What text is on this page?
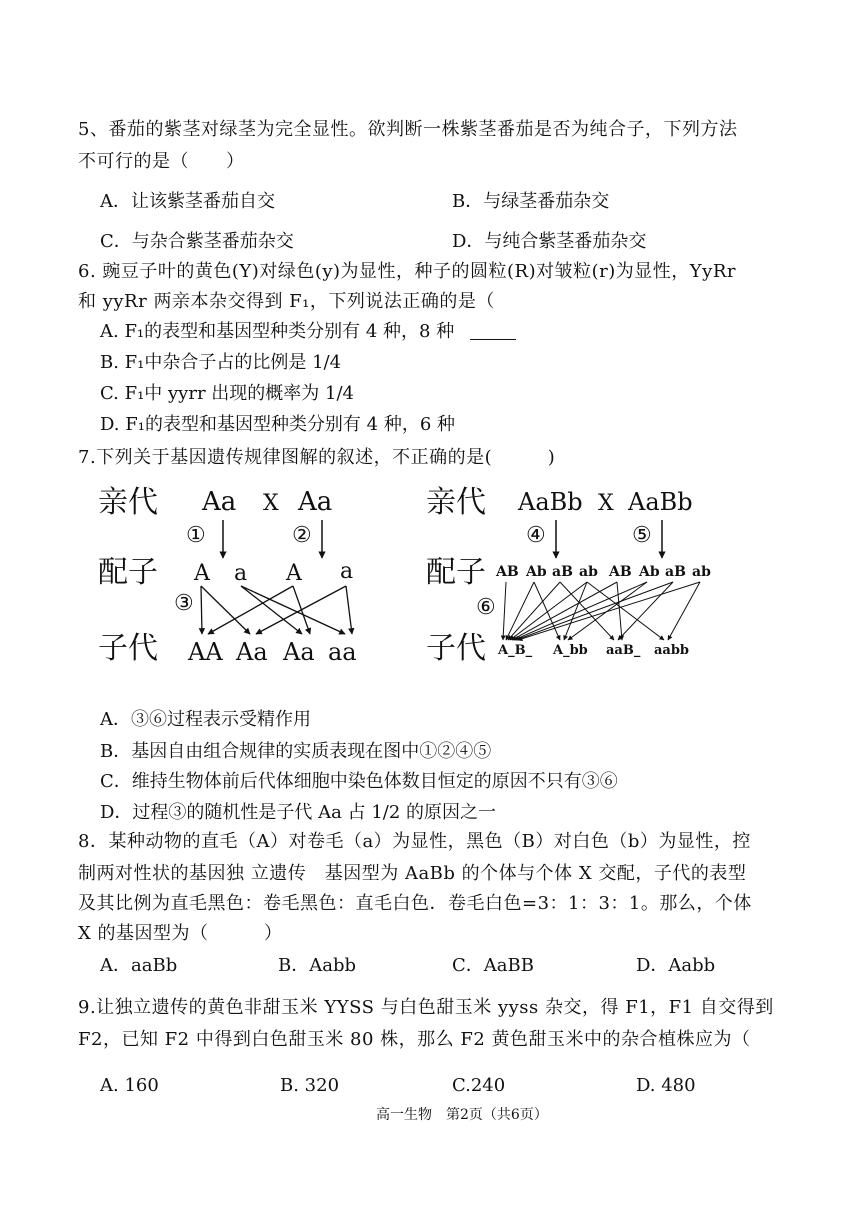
5、番茄的紫茎对绿茎为完全显性。欲判断一株紫茎番茄是否为纯合子，下列方法
不可行的是（　　）
A．让该紫茎番茄自交	B．与绿茎番茄杂交
C．与杂合紫茎番茄杂交	D．与纯合紫茎番茄杂交
6. 豌豆子叶的黄色(Y)对绿色(y)为显性，种子的圆粒(R)对皱粒(r)为显性，YyRr
和 yyRr 两亲本杂交得到 F₁，下列说法正确的是（
A. F₁的表型和基因型种类分别有 4 种，8 种
B. F₁中杂合子占的比例是 1/4
C. F₁中 yyrr 出现的概率为 1/4
D. F₁的表型和基因型种类分别有 4 种，6 种
7.下列关于基因遗传规律图解的叙述，不正确的是(　　　)
亲代
配子
子代
Aa X Aa
①	②
③
A a A a
AA Aa Aa aa
亲代
配子
子代
AaBb X AaBb
④	⑤
⑥
AB Ab aB ab AB Ab aB ab
A_B_ A_bb aaB_ aabb
A．③⑥过程表示受精作用
B．基因自由组合规律的实质表现在图中①②④⑤
C．维持生物体前后代体细胞中染色体数目恒定的原因不只有③⑥
D．过程③的随机性是子代 Aa 占 1/2 的原因之一
8．某种动物的直毛（A）对卷毛（a）为显性，黑色（B）对白色（b）为显性，控
制两对性状的基因独 立遗传　基因型为 AaBb 的个体与个体 X 交配，子代的表型
及其比例为直毛黑色：卷毛黑色：直毛白色．卷毛白色=3：1：3：1。那么，个体
X 的基因型为（　　　）
A．aaBb	B．Aabb	C．AaBB	D．Aabb
9.让独立遗传的黄色非甜玉米 YYSS 与白色甜玉米 yyss 杂交，得 F1，F1 自交得到
F2，已知 F2 中得到白色甜玉米 80 株，那么 F2 黄色甜玉米中的杂合植株应为（
A. 160	B. 320	C.240	D. 480
高一生物　第2页（共6页）
